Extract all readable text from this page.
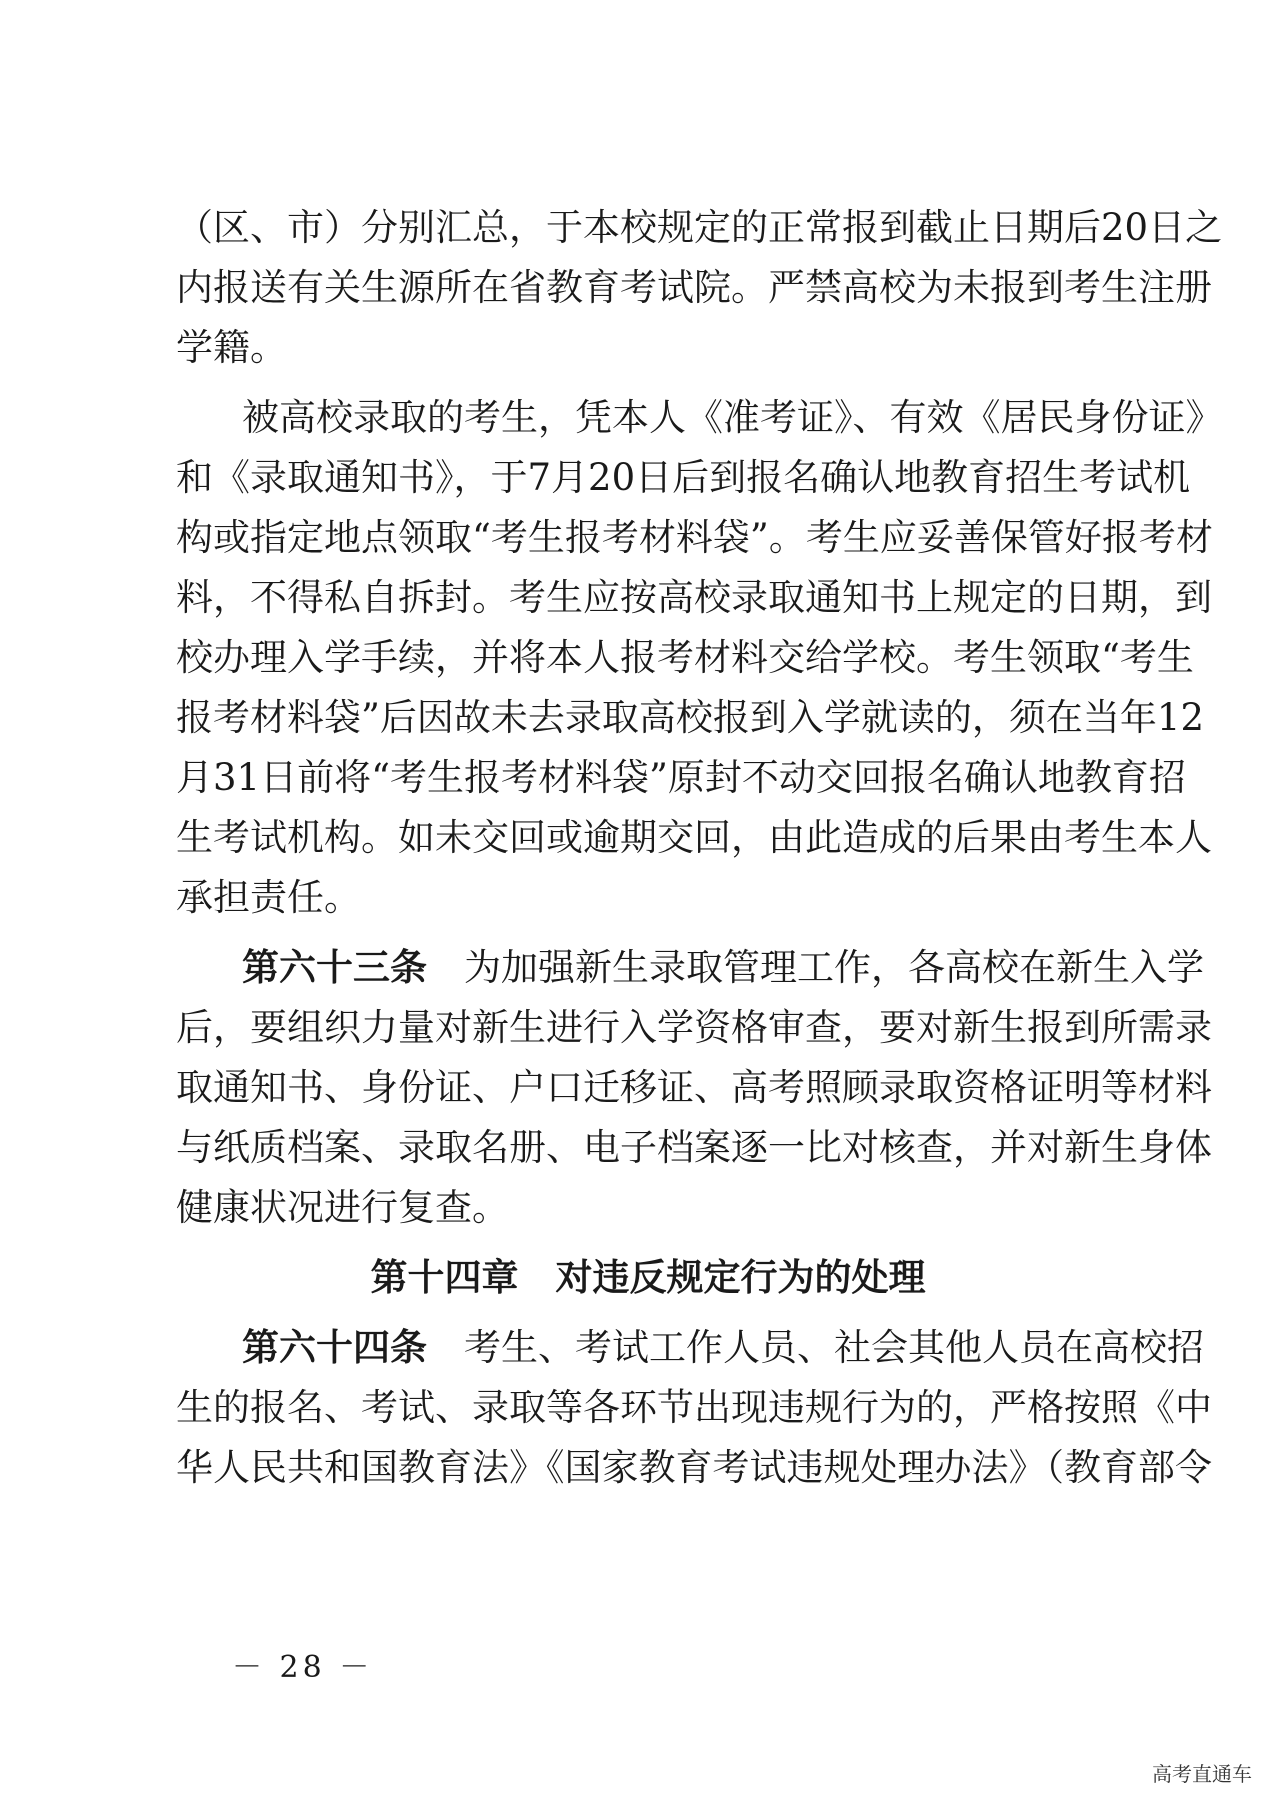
（区、市）分别汇总，于本校规定的正常报到截止日期后20日之
内报送有关生源所在省教育考试院。严禁高校为未报到考生注册
学籍。
被高校录取的考生，凭本人《准考证》、有效《居民身份证》
和《录取通知书》，于7月20日后到报名确认地教育招生考试机
构或指定地点领取“考生报考材料袋”。考生应妥善保管好报考材
料，不得私自拆封。考生应按高校录取通知书上规定的日期，到
校办理入学手续，并将本人报考材料交给学校。考生领取“考生
报考材料袋”后因故未去录取高校报到入学就读的，须在当年12
月31日前将“考生报考材料袋”原封不动交回报名确认地教育招
生考试机构。如未交回或逾期交回，由此造成的后果由考生本人
承担责任。
第六十三条　 为加强新生录取管理工作，各高校在新生入学
后，要组织力量对新生进行入学资格审查，要对新生报到所需录
取通知书、身份证、户口迁移证、高考照顾录取资格证明等材料
与纸质档案、录取名册、电子档案逐一比对核查，并对新生身体
健康状况进行复查。
第十四章　对违反规定行为的处理
第六十四条　 考生、考试工作人员、社会其他人员在高校招
生的报名、考试、录取等各环节出现违规行为的，严格按照《中
华人民共和国教育法》《国家教育考试违规处理办法》（教育部令
－ 28 －
高考直通车
